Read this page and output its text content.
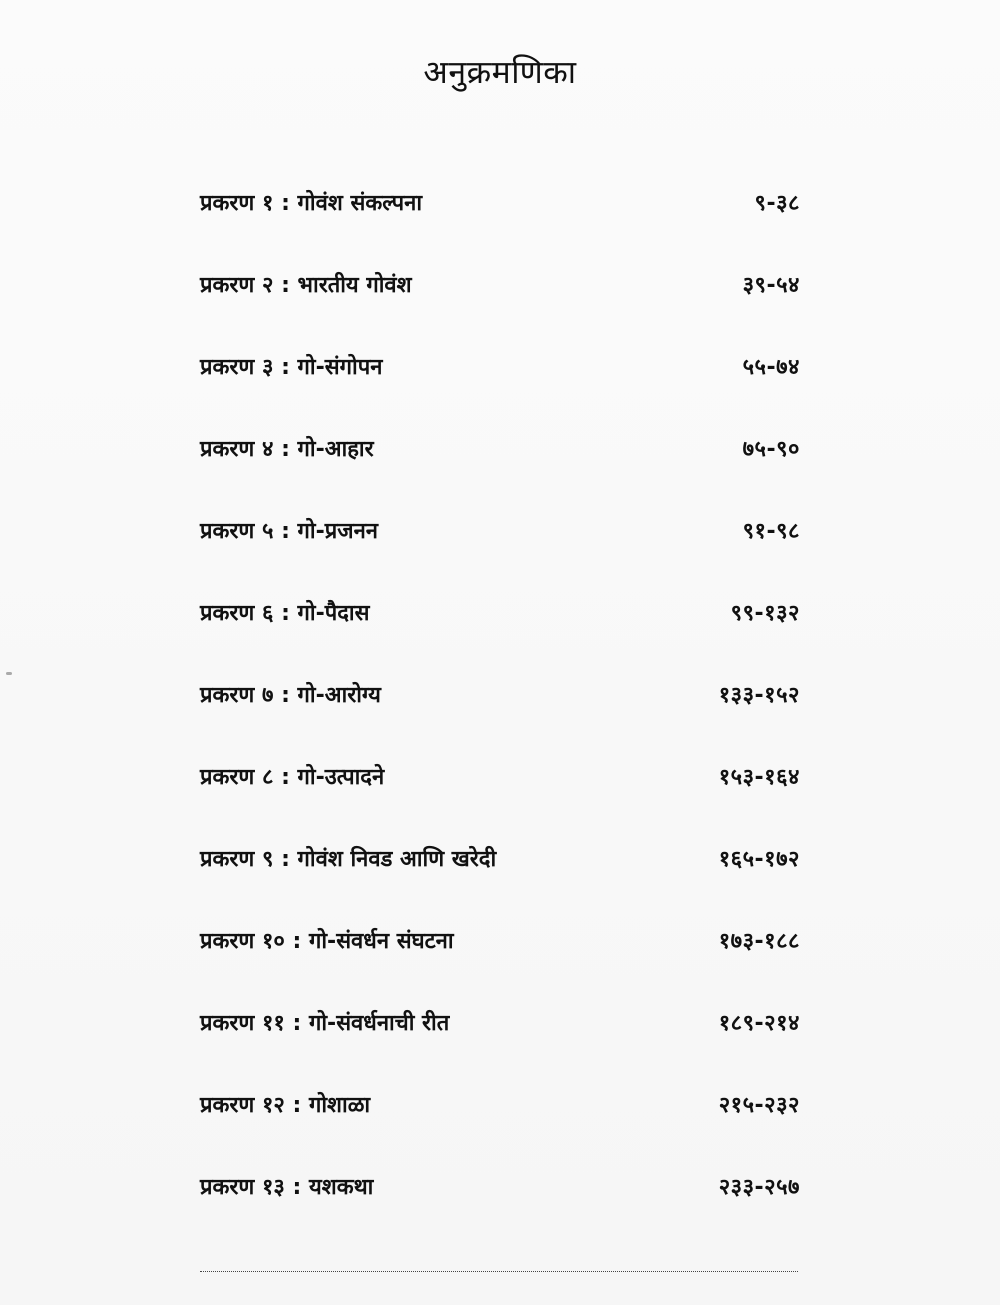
अनुक्रमणिका
प्रकरण १ : गोवंश संकल्पना	९-३८
प्रकरण २ : भारतीय गोवंश	३९-५४
प्रकरण ३ : गो-संगोपन	५५-७४
प्रकरण ४ : गो-आहार	७५-९०
प्रकरण ५ : गो-प्रजनन	९१-९८
प्रकरण ६ : गो-पैदास	९९-१३२
प्रकरण ७ : गो-आरोग्य	१३३-१५२
प्रकरण ८ : गो-उत्पादने	१५३-१६४
प्रकरण ९ : गोवंश निवड आणि खरेदी	१६५-१७२
प्रकरण १० : गो-संवर्धन संघटना	१७३-१८८
प्रकरण ११ : गो-संवर्धनाची रीत	१८९-२१४
प्रकरण १२ : गोशाळा	२१५-२३२
प्रकरण १३ : यशकथा	२३३-२५७
